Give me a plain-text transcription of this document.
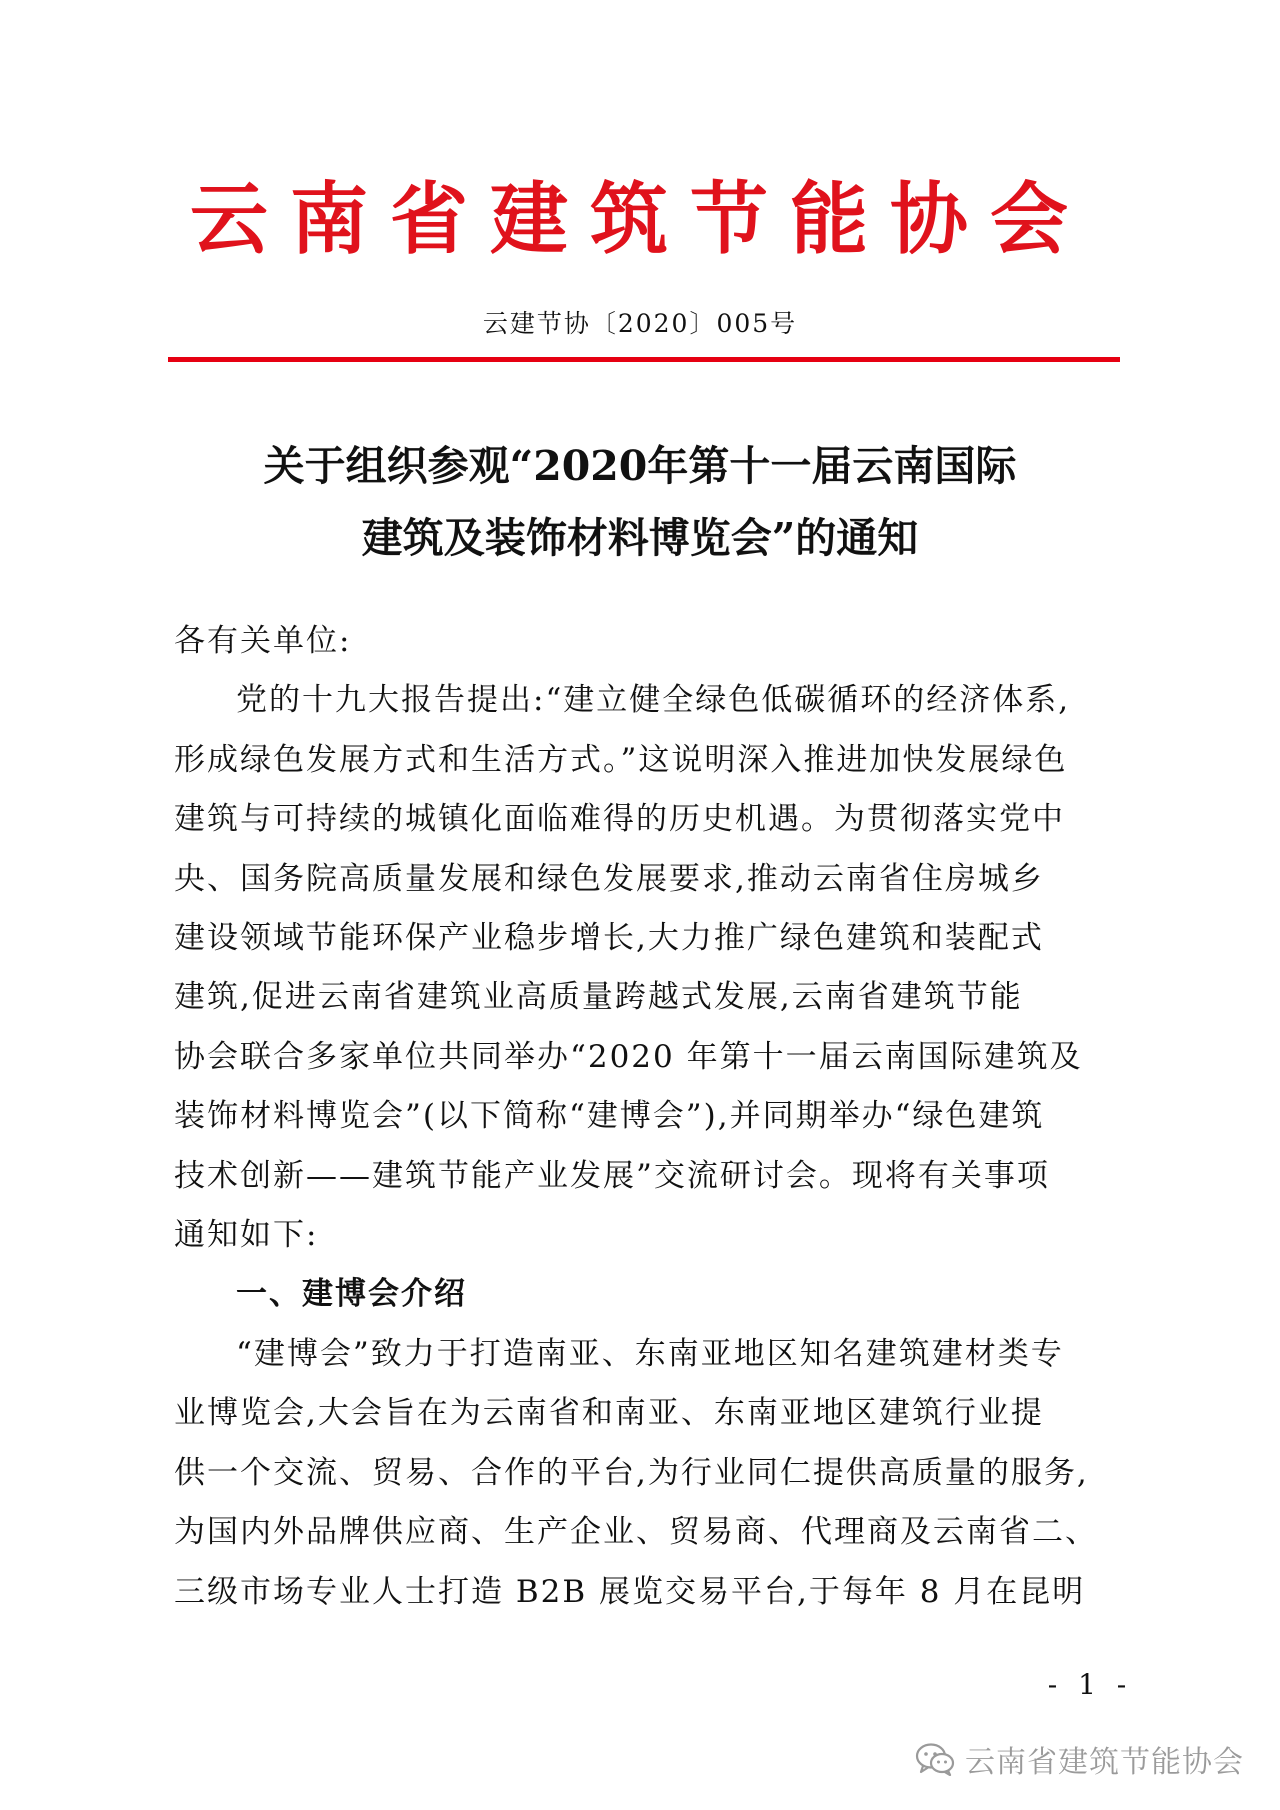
云南省建筑节能协会
云建节协〔2020〕005号
关于组织参观“2020年第十一届云南国际
建筑及装饰材料博览会”的通知
各有关单位:
党的十九大报告提出:“建立健全绿色低碳循环的经济体系,
形成绿色发展方式和生活方式。”这说明深入推进加快发展绿色
建筑与可持续的城镇化面临难得的历史机遇。为贯彻落实党中
央、国务院高质量发展和绿色发展要求,推动云南省住房城乡
建设领域节能环保产业稳步增长,大力推广绿色建筑和装配式
建筑,促进云南省建筑业高质量跨越式发展,云南省建筑节能
协会联合多家单位共同举办“2020 年第十一届云南国际建筑及
装饰材料博览会”(以下简称“建博会”),并同期举办“绿色建筑
技术创新——建筑节能产业发展”交流研讨会。现将有关事项
通知如下:
一、建博会介绍
“建博会”致力于打造南亚、东南亚地区知名建筑建材类专
业博览会,大会旨在为云南省和南亚、东南亚地区建筑行业提
供一个交流、贸易、合作的平台,为行业同仁提供高质量的服务,
为国内外品牌供应商、生产企业、贸易商、代理商及云南省二、
三级市场专业人士打造 B2B 展览交易平台,于每年 8 月在昆明
- 1 -
云南省建筑节能协会
